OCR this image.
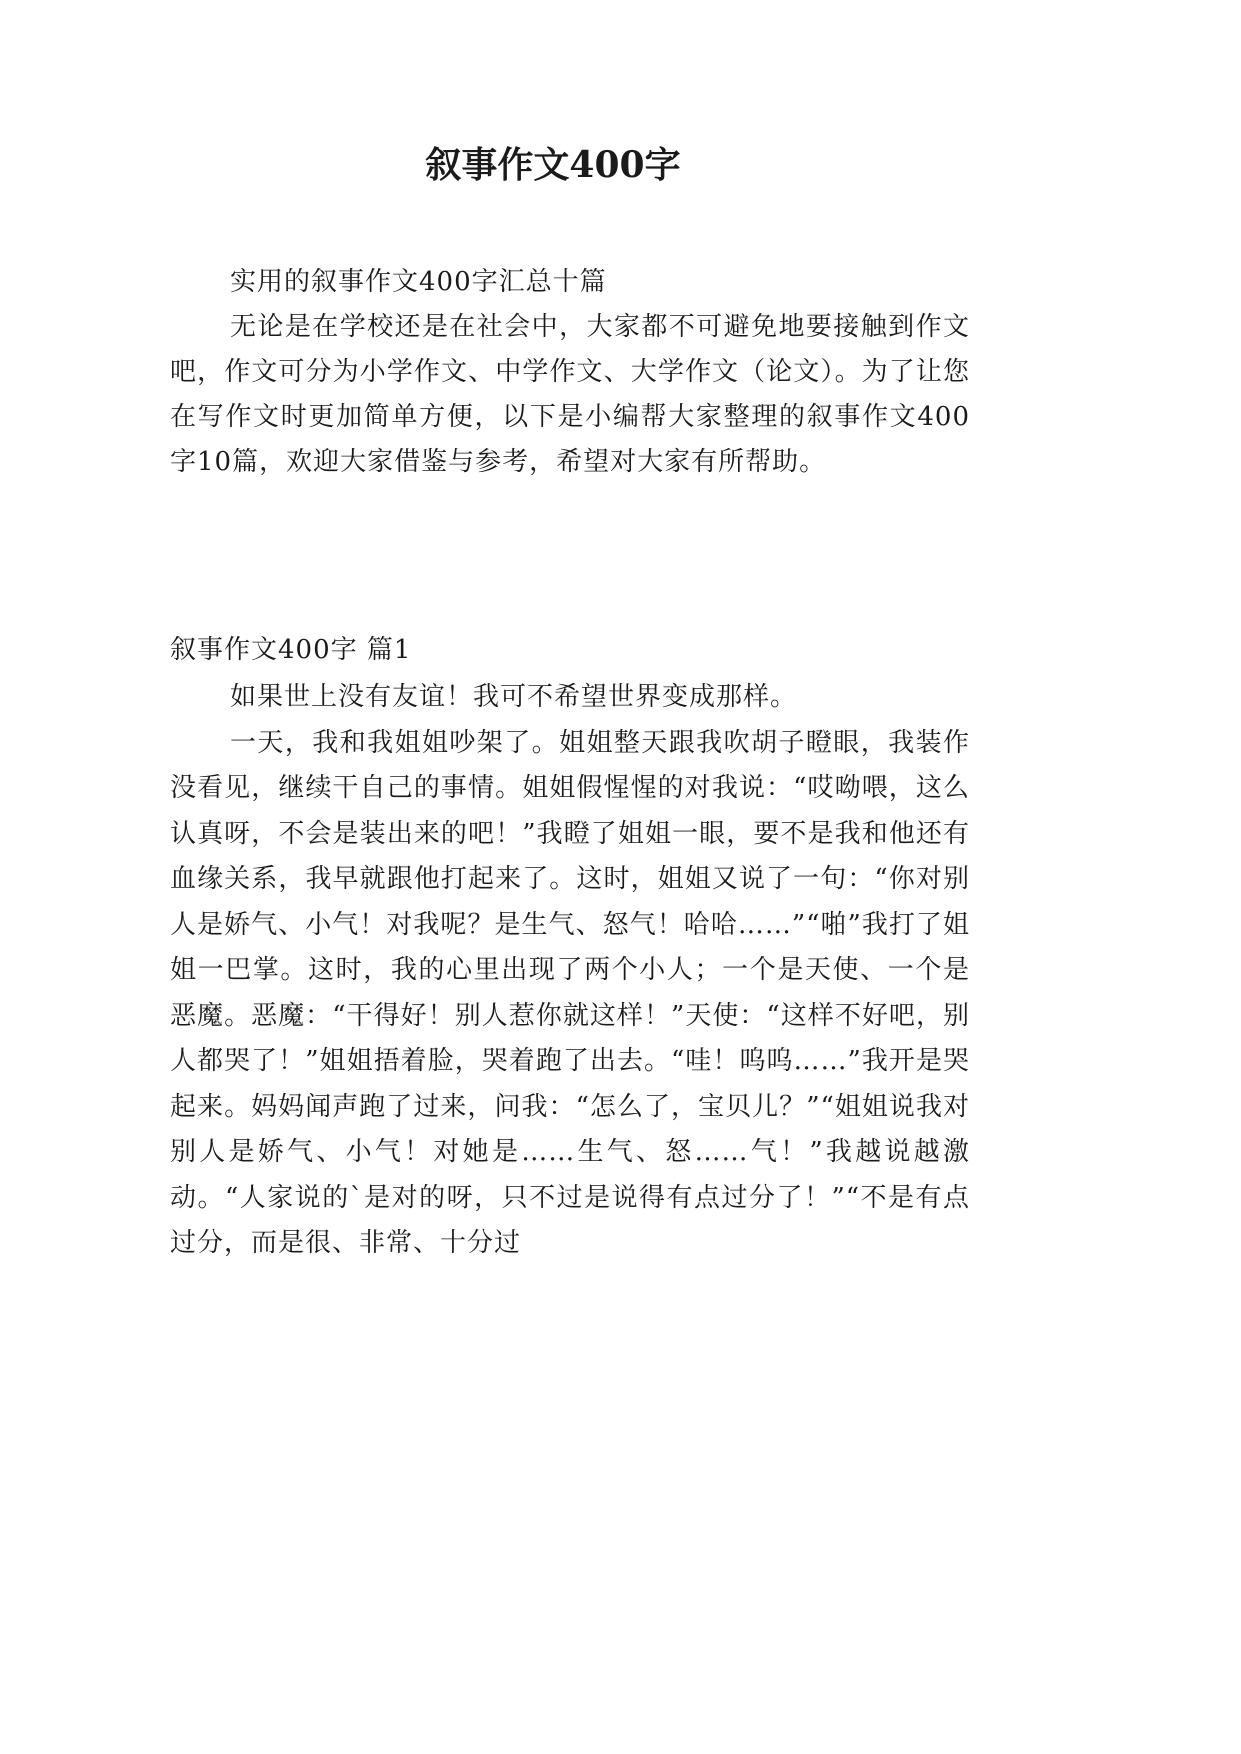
叙事作文400字

实用的叙事作文400字汇总十篇

无论是在学校还是在社会中，大家都不可避免地要接触到作文吧，作文可分为小学作文、中学作文、大学作文（论文）。为了让您在写作文时更加简单方便，以下是小编帮大家整理的叙事作文400字10篇，欢迎大家借鉴与参考，希望对大家有所帮助。

叙事作文400字 篇1

如果世上没有友谊！我可不希望世界变成那样。

一天，我和我姐姐吵架了。姐姐整天跟我吹胡子瞪眼，我装作没看见，继续干自己的事情。姐姐假惺惺的对我说：“哎呦喂，这么认真呀，不会是装出来的吧！”我瞪了姐姐一眼，要不是我和他还有血缘关系，我早就跟他打起来了。这时，姐姐又说了一句：“你对别人是娇气、小气！对我呢？是生气、怒气！哈哈……”“啪”我打了姐姐一巴掌。这时，我的心里出现了两个小人；一个是天使、一个是恶魔。恶魔：“干得好！别人惹你就这样！”天使：“这样不好吧，别人都哭了！”姐姐捂着脸，哭着跑了出去。“哇！呜呜……”我开是哭起来。妈妈闻声跑了过来，问我：“怎么了，宝贝儿？”“姐姐说我对别人是娇气、小气！对她是……生气、怒……气！”我越说越激动。“人家说的`是对的呀，只不过是说得有点过分了！”“不是有点过分，而是很、非常、十分过
